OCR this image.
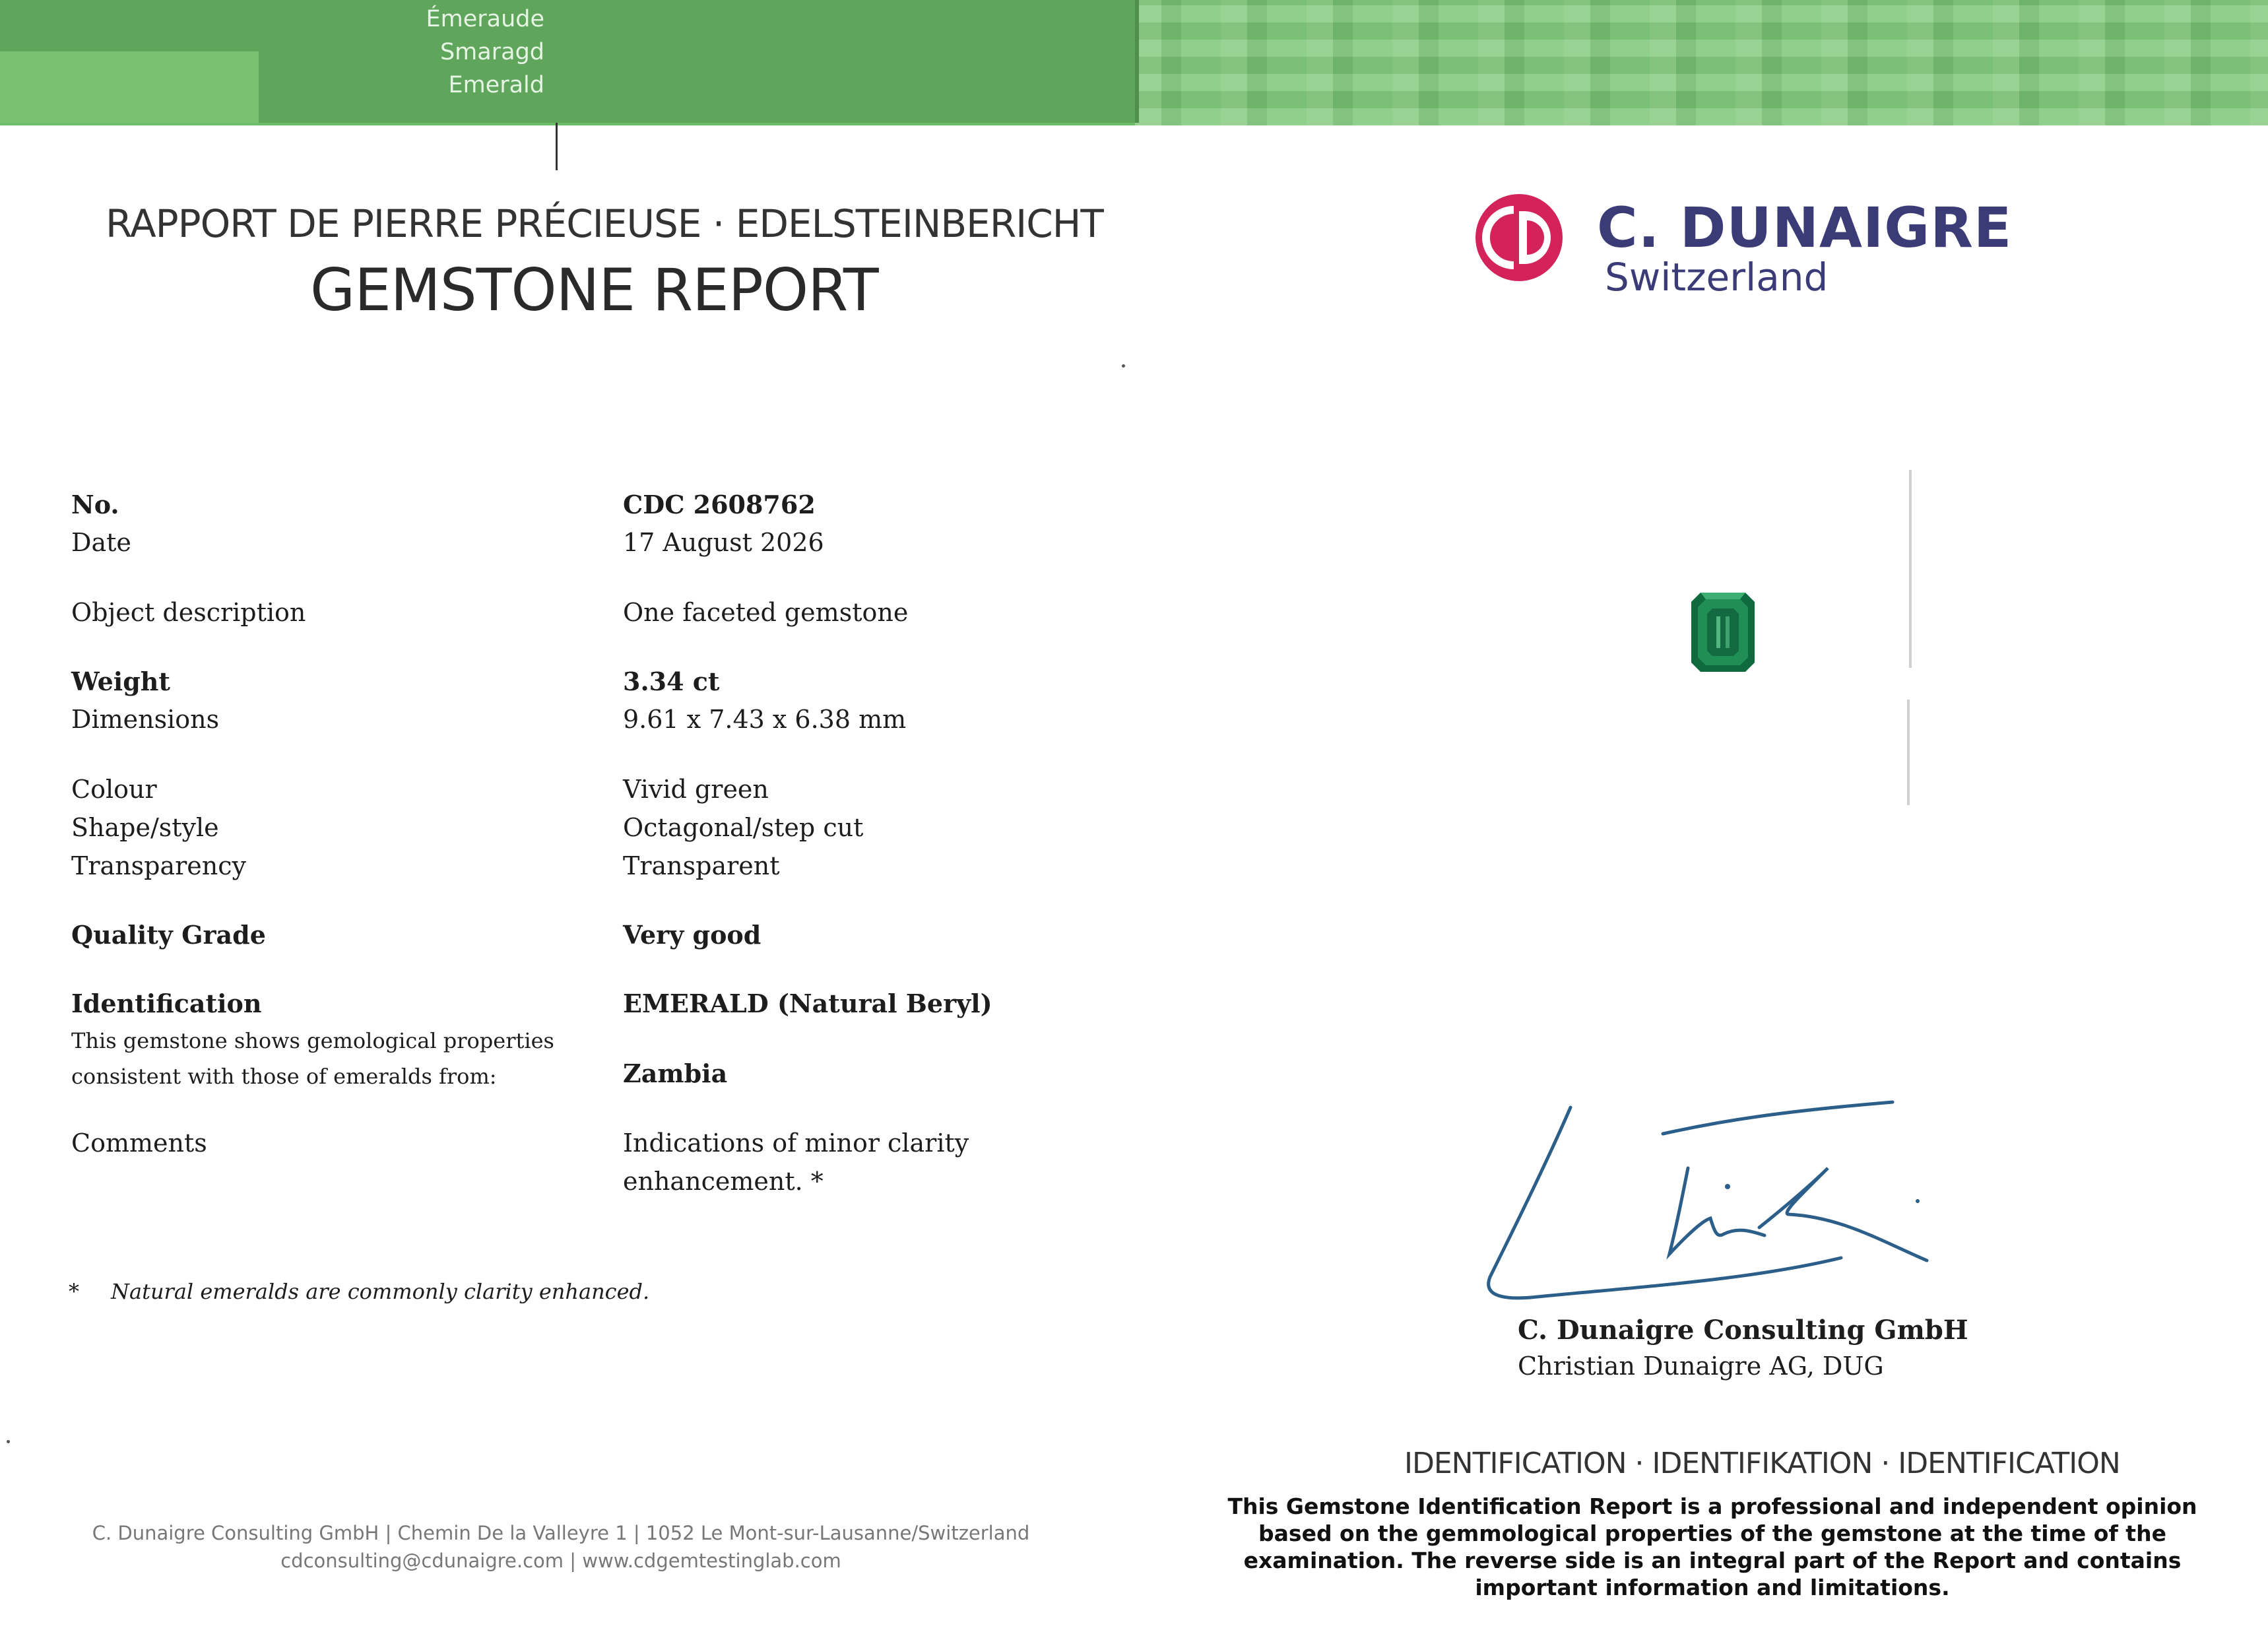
Émeraude
Smaragd
Emerald
RAPPORT DE PIERRE PRÉCIEUSE · EDELSTEINBERICHT
GEMSTONE REPORT
C. DUNAIGRE
Switzerland
No.	CDC 2608762
Date	17 August 2026
Object description	One faceted gemstone
Weight	3.34 ct
Dimensions	9.61 x 7.43 x 6.38 mm
Colour	Vivid green
Shape/style	Octagonal/step cut
Transparency	Transparent
Quality Grade	Very good
Identification	EMERALD (Natural Beryl)
This gemstone shows gemological properties
consistent with those of emeralds from:	Zambia
Comments	Indications of minor clarity
enhancement. *
* Natural emeralds are commonly clarity enhanced.
C. Dunaigre Consulting GmbH
Christian Dunaigre AG, DUG
IDENTIFICATION · IDENTIFIKATION · IDENTIFICATION
This Gemstone Identification Report is a professional and independent opinion
based on the gemmological properties of the gemstone at the time of the
examination. The reverse side is an integral part of the Report and contains
important information and limitations.
C. Dunaigre Consulting GmbH | Chemin De la Valleyre 1 | 1052 Le Mont-sur-Lausanne/Switzerland
cdconsulting@cdunaigre.com | www.cdgemtestinglab.com
